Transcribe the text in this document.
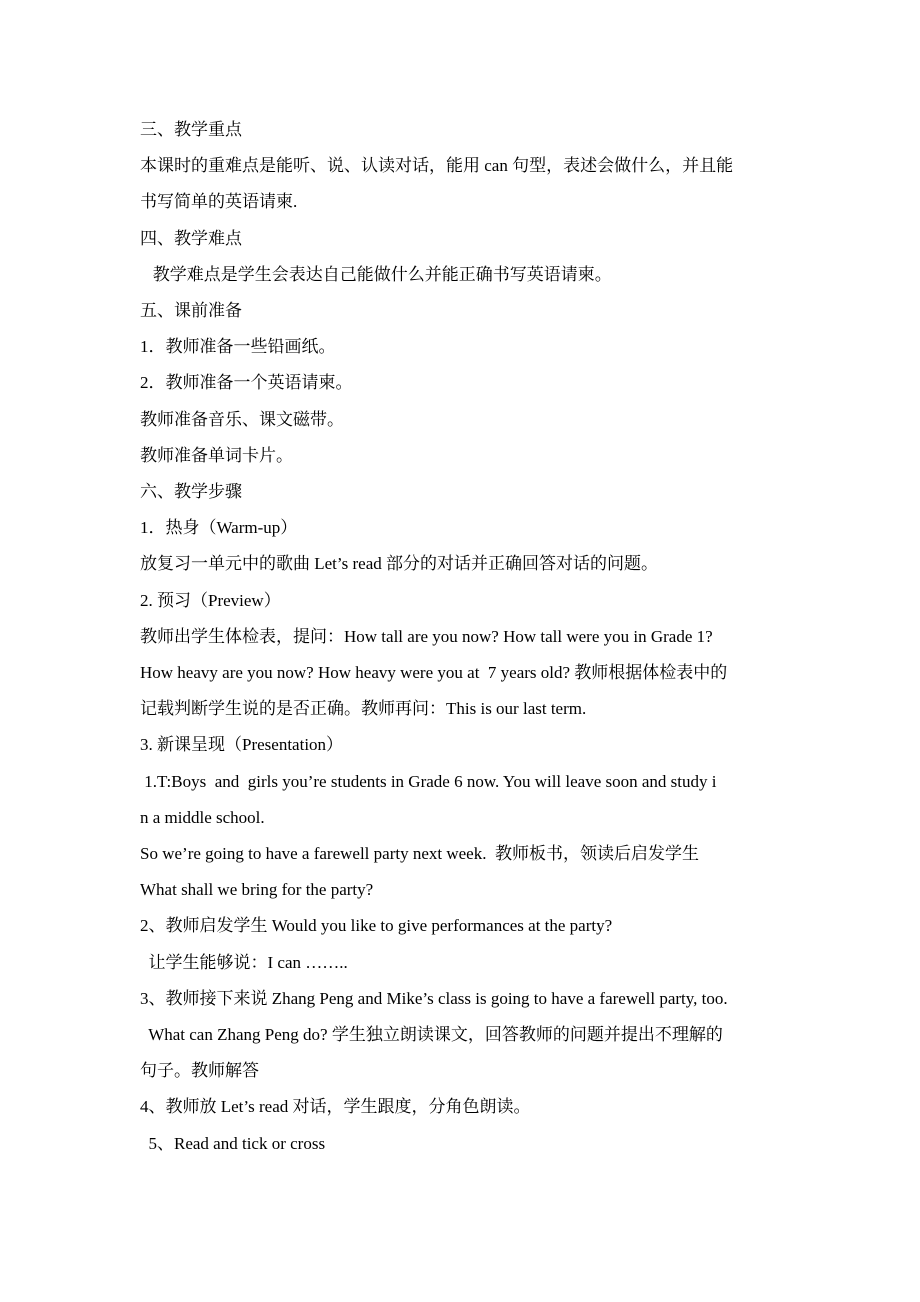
三、教学重点
本课时的重难点是能听、说、认读对话，能用 can 句型，表述会做什么，并且能
书写简单的英语请柬.
四、教学难点
教学难点是学生会表达自己能做什么并能正确书写英语请柬。
五、课前准备
1．教师准备一些铅画纸。
2．教师准备一个英语请柬。
教师准备音乐、课文磁带。
教师准备单词卡片。
六、教学步骤
1．热身（Warm-up）
放复习一单元中的歌曲 Let’s read 部分的对话并正确回答对话的问题。
2. 预习（Preview）
教师出学生体检表，提问：How tall are you now? How tall were you in Grade 1?
How heavy are you now? How heavy were you at  7 years old? 教师根据体检表中的
记载判断学生说的是否正确。教师再问：This is our last term.
3. 新课呈现（Presentation）
1.T:Boys  and  girls you’re students in Grade 6 now. You will leave soon and study i
n a middle school.
So we’re going to have a farewell party next week.  教师板书，领读后启发学生
What shall we bring for the party?
2、教师启发学生 Would you like to give performances at the party?
让学生能够说：I can ……..
3、教师接下来说 Zhang Peng and Mike’s class is going to have a farewell party, too.
What can Zhang Peng do? 学生独立朗读课文，回答教师的问题并提出不理解的
句子。教师解答
4、教师放 Let’s read 对话，学生跟度，分角色朗读。
5、Read and tick or cross
